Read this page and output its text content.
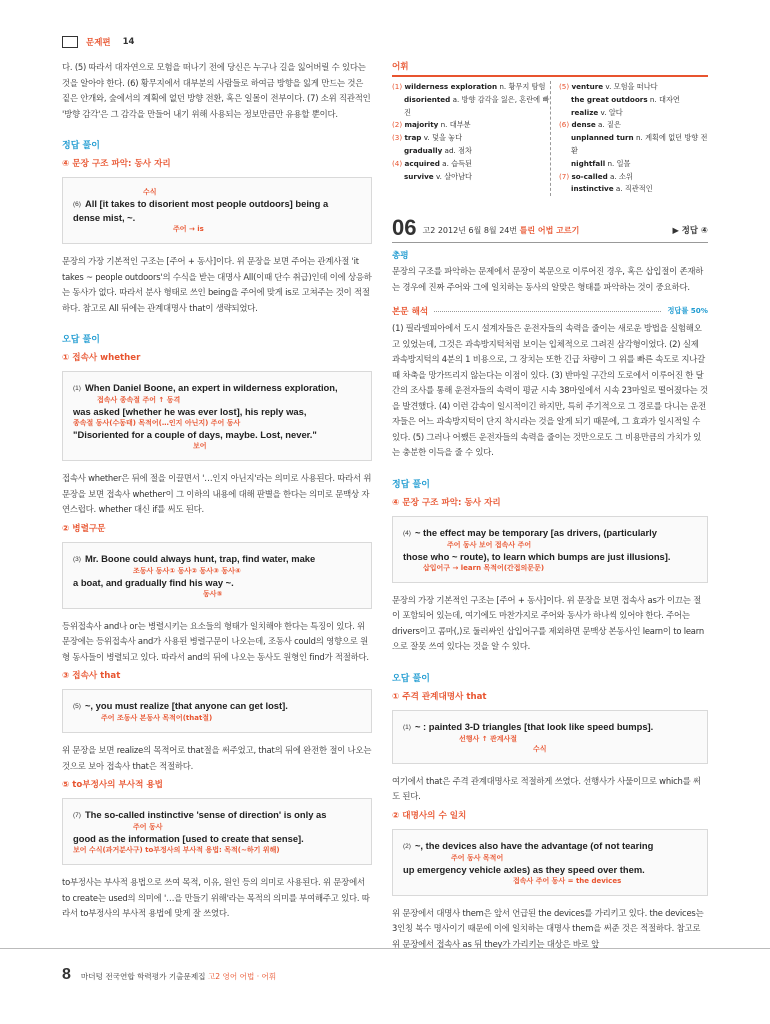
문제편 14

다. (5) 따라서 대자연으로 모험을 떠나기 전에 당신은 누구나 길을 잃어버릴 수 있다는 것을 알아야 한다. (6) 황무지에서 대부분의 사람들로 하여금 방향을 잃게 만드는 것은 짙은 안개와, 숲에서의 계획에 없던 방향 전환, 혹은 일몰이 전부이다. (7) 소위 직관적인 '방향 감각'은 그 감각을 만들어 내기 위해 사용되는 정보만큼만 유용할 뿐이다.

정답 풀이
④ 문장 구조 파악: 동사 자리
수식
(6) All [it takes to disorient most people outdoors] being a
dense mist, ~.
주어 → is

문장의 가장 기본적인 구조는 [주어 + 동사]이다. 위 문장을 보면 주어는 관계사절 'it takes ~ people outdoors'의 수식을 받는 대명사 All(이때 단수 취급)인데 이에 상응하는 동사가 없다. 따라서 분사 형태로 쓰인 being을 주어에 맞게 is로 고쳐주는 것이 적절하다. 참고로 All 뒤에는 관계대명사 that이 생략되었다.

오답 풀이
① 접속사 whether
(1) When Daniel Boone, an expert in wilderness exploration,
접속사 종속절 주어 ↑ 동격
was asked [whether he was ever lost], his reply was,
종속절 동사(수동태) 목적어(…인지 아닌지) 주어 동사
"Disoriented for a couple of days, maybe. Lost, never."
보어

접속사 whether은 뒤에 절을 이끌면서 '…인지 아닌지'라는 의미로 사용된다. 따라서 위 문장을 보면 접속사 whether이 그 이하의 내용에 대해 판별을 한다는 의미로 문맥상 자연스럽다. whether 대신 if를 써도 된다.

② 병렬구문
(3) Mr. Boone could always hunt, trap, find water, make
조동사 동사① 동사② 동사③ 동사④
a boat, and gradually find his way ~.
동사⑤

등위접속사 and나 or는 병렬시키는 요소들의 형태가 일치해야 한다는 특징이 있다. 위 문장에는 등위접속사 and가 사용된 병렬구문이 나오는데, 조동사 could의 영향으로 원형 동사들이 병렬되고 있다. 따라서 and의 뒤에 나오는 동사도 원형인 find가 적절하다.

③ 접속사 that
(5) ~, you must realize [that anyone can get lost].
주어 조동사 본동사 목적어(that절)

위 문장을 보면 realize의 목적어로 that절을 써주었고, that의 뒤에 완전한 절이 나오는 것으로 보아 접속사 that은 적절하다.

⑤ to부정사의 부사적 용법
(7) The so-called instinctive 'sense of direction' is only as
주어 동사
good as the information [used to create that sense].
보어 수식(과거분사구) to부정사의 부사적 용법: 목적(~하기 위해)

to부정사는 부사적 용법으로 쓰여 목적, 이유, 원인 등의 의미로 사용된다. 위 문장에서 to create는 used의 의미에 '…을 만들기 위해'라는 목적의 의미를 부여해주고 있다. 따라서 to부정사의 부사적 용법에 맞게 잘 쓰였다.

어휘
(1) wilderness exploration n. 황무지 탐험
disoriented a. 방향 감각을 잃은, 혼란에 빠진
(2) majority n. 대부분
(3) trap v. 덫을 놓다
gradually ad. 점차
(4) acquired a. 습득된
survive v. 살아남다
(5) venture v. 모험을 떠나다
the great outdoors n. 대자연
realize v. 알다
(6) dense a. 짙은
unplanned turn n. 계획에 없던 방향 전환
nightfall n. 일몰
(7) so-called a. 소위
instinctive a. 직관적인
06 고2 2012년 6월 8월 24번 틀린 어법 고르기	▶ 정답 ④
총평

문장의 구조를 파악하는 문제에서 문장이 복문으로 이루어진 경우, 혹은 삽입절이 존재하는 경우에 진짜 주어와 그에 일치하는 동사의 알맞은 형태를 파악하는 것이 중요하다.

본문 해석	정답률 50%

(1) 필라델피아에서 도시 설계자들은 운전자들의 속력을 줄이는 새로운 방법을 실험해오고 있었는데, 그것은 과속방지턱처럼 보이는 입체적으로 그려진 삼각형이었다. (2) 실제 과속방지턱의 4분의 1 비용으로, 그 장치는 또한 긴급 차량이 그 위를 빠른 속도로 지나갈 때 차축을 망가뜨리지 않는다는 이점이 있다. (3) 반마일 구간의 도로에서 이루어진 한 달간의 조사를 통해 운전자들의 속력이 평균 시속 38마일에서 시속 23마일로 떨어졌다는 것을 발견했다. (4) 이런 감속이 일시적이긴 하지만, 특히 주기적으로 그 경로를 다니는 운전자들은 어느 과속방지턱이 단지 착시라는 것을 알게 되기 때문에, 그 효과가 일시적일 수 있다. (5) 그러나 어쨌든 운전자들의 속력을 줄이는 것만으로도 그 비용만큼의 가치가 있는 충분한 이득을 줄 수 있다.

정답 풀이
④ 문장 구조 파악: 동사 자리
(4) ~ the effect may be temporary [as drivers, (particularly
주어 동사 보어 접속사 주어
those who ~ route), to learn which bumps are just illusions].
삽입어구 → learn 목적어(간접의문문)

문장의 가장 기본적인 구조는 [주어 + 동사]이다. 위 문장을 보면 접속사 as가 이끄는 절이 포함되어 있는데, 여기에도 마찬가지로 주어와 동사가 하나씩 있어야 한다. 주어는 drivers이고 콤마(,)로 둘러싸인 삽입어구를 제외하면 문맥상 본동사인 learn이 to learn으로 잘못 쓰여 있다는 것을 알 수 있다.

오답 풀이
① 주격 관계대명사 that
(1) ~ : painted 3-D triangles [that look like speed bumps].
선행사 ↑ 관계사절
수식

여기에서 that은 주격 관계대명사로 적절하게 쓰였다. 선행사가 사물이므로 which를 써도 된다.

② 대명사의 수 일치
(2) ~, the devices also have the advantage (of not tearing
주어 동사 목적어
up emergency vehicle axles) as they speed over them.
접속사 주어 동사 = the devices

위 문장에서 대명사 them은 앞서 언급된 the devices를 가리키고 있다. the devices는 3인칭 복수 명사이기 때문에 이에 일치하는 대명사 them을 써준 것은 적절하다. 참고로 위 문장에서 접속사 as 뒤 they가 가리키는 대상은 바로 앞

8 마더텅 전국연합 학력평가 기출문제집 고2 영어 어법 · 어휘
